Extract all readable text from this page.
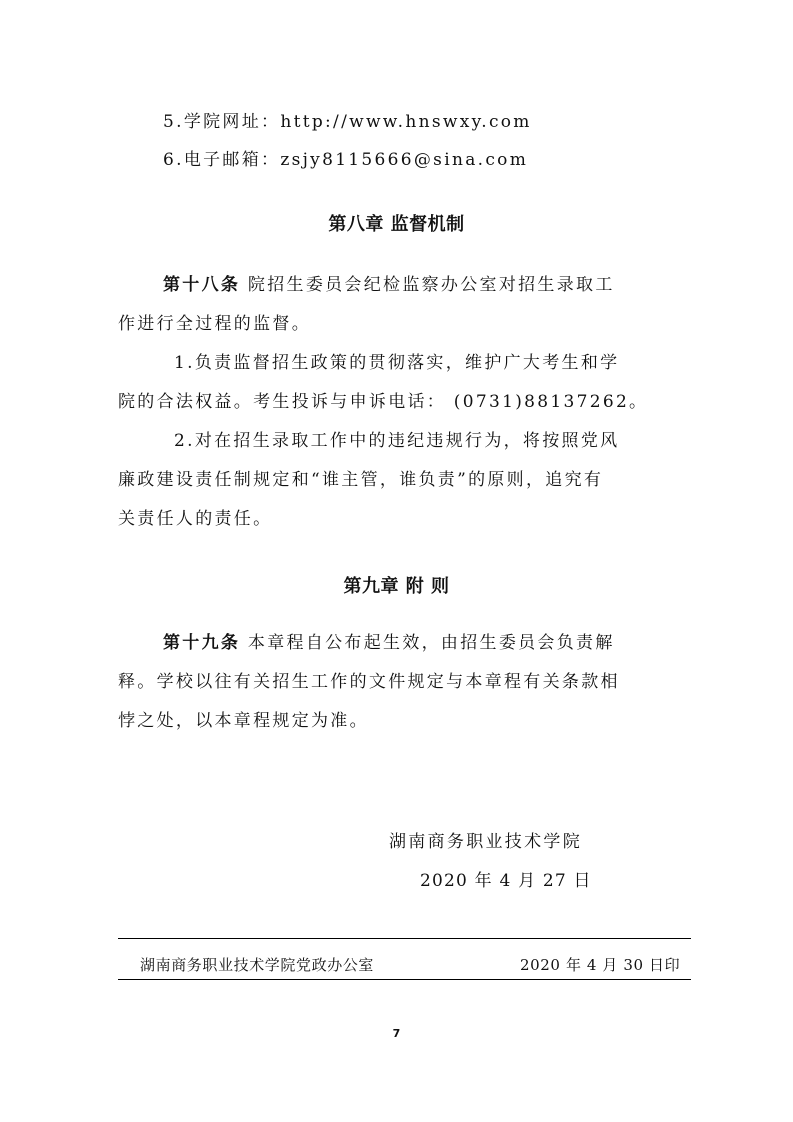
5.学院网址：http://www.hnswxy.com
6.电子邮箱：zsjy8115666@sina.com
第八章 监督机制
第十八条 院招生委员会纪检监察办公室对招生录取工
作进行全过程的监督。
1.负责监督招生政策的贯彻落实，维护广大考生和学
院的合法权益。考生投诉与申诉电话： (0731)88137262。
2.对在招生录取工作中的违纪违规行为，将按照党风
廉政建设责任制规定和“谁主管，谁负责”的原则，追究有
关责任人的责任。
第九章 附 则
第十九条 本章程自公布起生效，由招生委员会负责解
释。学校以往有关招生工作的文件规定与本章程有关条款相
悖之处，以本章程规定为准。
湖南商务职业技术学院
2020 年 4 月 27 日
湖南商务职业技术学院党政办公室	2020 年 4 月 30 日印
7
